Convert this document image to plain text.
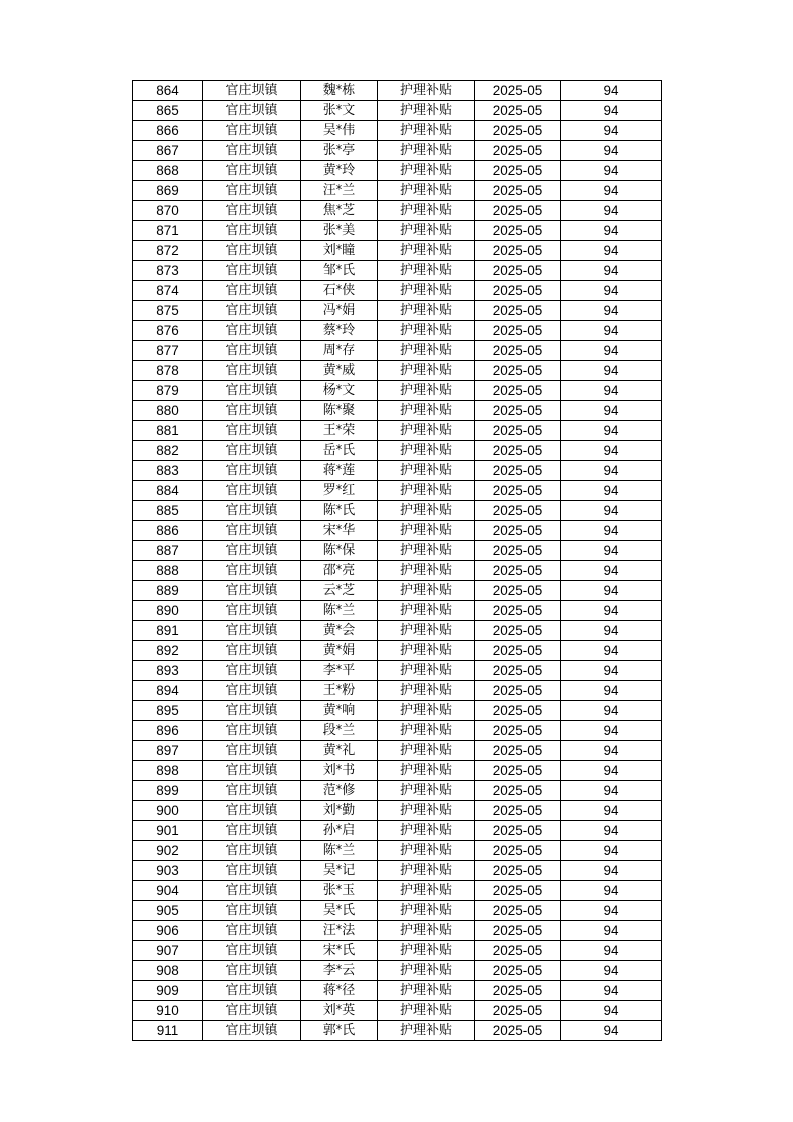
864	官庄坝镇	魏*栋	护理补贴	2025-05	94
865	官庄坝镇	张*文	护理补贴	2025-05	94
866	官庄坝镇	吴*伟	护理补贴	2025-05	94
867	官庄坝镇	张*亭	护理补贴	2025-05	94
868	官庄坝镇	黄*玲	护理补贴	2025-05	94
869	官庄坝镇	汪*兰	护理补贴	2025-05	94
870	官庄坝镇	焦*芝	护理补贴	2025-05	94
871	官庄坝镇	张*美	护理补贴	2025-05	94
872	官庄坝镇	刘*瞳	护理补贴	2025-05	94
873	官庄坝镇	邹*氏	护理补贴	2025-05	94
874	官庄坝镇	石*侠	护理补贴	2025-05	94
875	官庄坝镇	冯*娟	护理补贴	2025-05	94
876	官庄坝镇	蔡*玲	护理补贴	2025-05	94
877	官庄坝镇	周*存	护理补贴	2025-05	94
878	官庄坝镇	黄*威	护理补贴	2025-05	94
879	官庄坝镇	杨*文	护理补贴	2025-05	94
880	官庄坝镇	陈*聚	护理补贴	2025-05	94
881	官庄坝镇	王*荣	护理补贴	2025-05	94
882	官庄坝镇	岳*氏	护理补贴	2025-05	94
883	官庄坝镇	蒋*莲	护理补贴	2025-05	94
884	官庄坝镇	罗*红	护理补贴	2025-05	94
885	官庄坝镇	陈*氏	护理补贴	2025-05	94
886	官庄坝镇	宋*华	护理补贴	2025-05	94
887	官庄坝镇	陈*保	护理补贴	2025-05	94
888	官庄坝镇	邵*亮	护理补贴	2025-05	94
889	官庄坝镇	云*芝	护理补贴	2025-05	94
890	官庄坝镇	陈*兰	护理补贴	2025-05	94
891	官庄坝镇	黄*会	护理补贴	2025-05	94
892	官庄坝镇	黄*娟	护理补贴	2025-05	94
893	官庄坝镇	李*平	护理补贴	2025-05	94
894	官庄坝镇	王*粉	护理补贴	2025-05	94
895	官庄坝镇	黄*响	护理补贴	2025-05	94
896	官庄坝镇	段*兰	护理补贴	2025-05	94
897	官庄坝镇	黄*礼	护理补贴	2025-05	94
898	官庄坝镇	刘*书	护理补贴	2025-05	94
899	官庄坝镇	范*修	护理补贴	2025-05	94
900	官庄坝镇	刘*勤	护理补贴	2025-05	94
901	官庄坝镇	孙*启	护理补贴	2025-05	94
902	官庄坝镇	陈*兰	护理补贴	2025-05	94
903	官庄坝镇	吴*记	护理补贴	2025-05	94
904	官庄坝镇	张*玉	护理补贴	2025-05	94
905	官庄坝镇	吴*氏	护理补贴	2025-05	94
906	官庄坝镇	汪*法	护理补贴	2025-05	94
907	官庄坝镇	宋*氏	护理补贴	2025-05	94
908	官庄坝镇	李*云	护理补贴	2025-05	94
909	官庄坝镇	蒋*径	护理补贴	2025-05	94
910	官庄坝镇	刘*英	护理补贴	2025-05	94
911	官庄坝镇	郭*氏	护理补贴	2025-05	94
